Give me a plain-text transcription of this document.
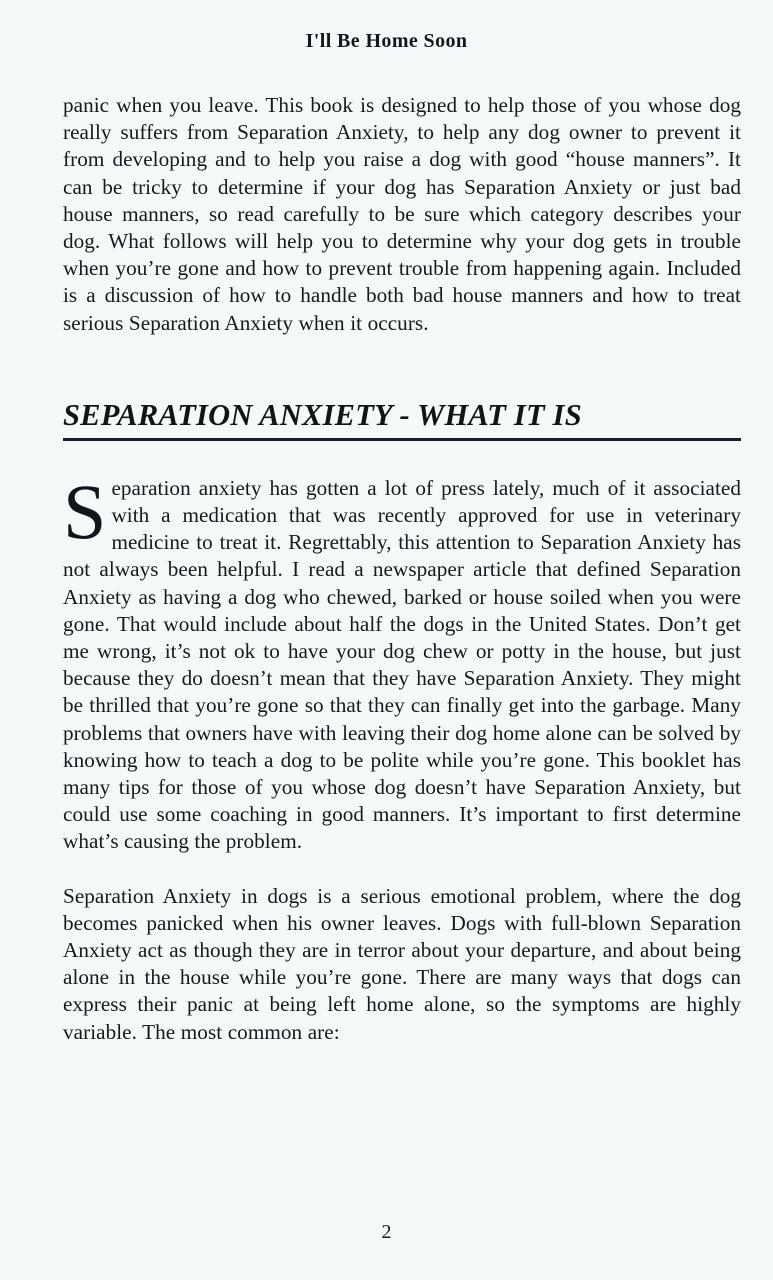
I'll Be Home Soon

panic when you leave. This book is designed to help those of you whose dog really suffers from Separation Anxiety, to help any dog owner to prevent it from developing and to help you raise a dog with good “house manners”. It can be tricky to determine if your dog has Separation Anxiety or just bad house manners, so read carefully to be sure which category describes your dog. What follows will help you to determine why your dog gets in trouble when you’re gone and how to prevent trouble from happening again. Included is a discussion of how to handle both bad house manners and how to treat serious Separation Anxiety when it occurs.

SEPARATION ANXIETY - WHAT IT IS

Separation anxiety has gotten a lot of press lately, much of it associated with a medication that was recently approved for use in veterinary medicine to treat it. Regrettably, this attention to Separation Anxiety has not always been helpful. I read a newspaper article that defined Separation Anxiety as having a dog who chewed, barked or house soiled when you were gone. That would include about half the dogs in the United States. Don’t get me wrong, it’s not ok to have your dog chew or potty in the house, but just because they do doesn’t mean that they have Separation Anxiety. They might be thrilled that you’re gone so that they can finally get into the garbage. Many problems that owners have with leaving their dog home alone can be solved by knowing how to teach a dog to be polite while you’re gone. This booklet has many tips for those of you whose dog doesn’t have Separation Anxiety, but could use some coaching in good manners. It’s important to first determine what’s causing the problem.

Separation Anxiety in dogs is a serious emotional problem, where the dog becomes panicked when his owner leaves. Dogs with full-blown Separation Anxiety act as though they are in terror about your departure, and about being alone in the house while you’re gone. There are many ways that dogs can express their panic at being left home alone, so the symptoms are highly variable. The most common are:

2
